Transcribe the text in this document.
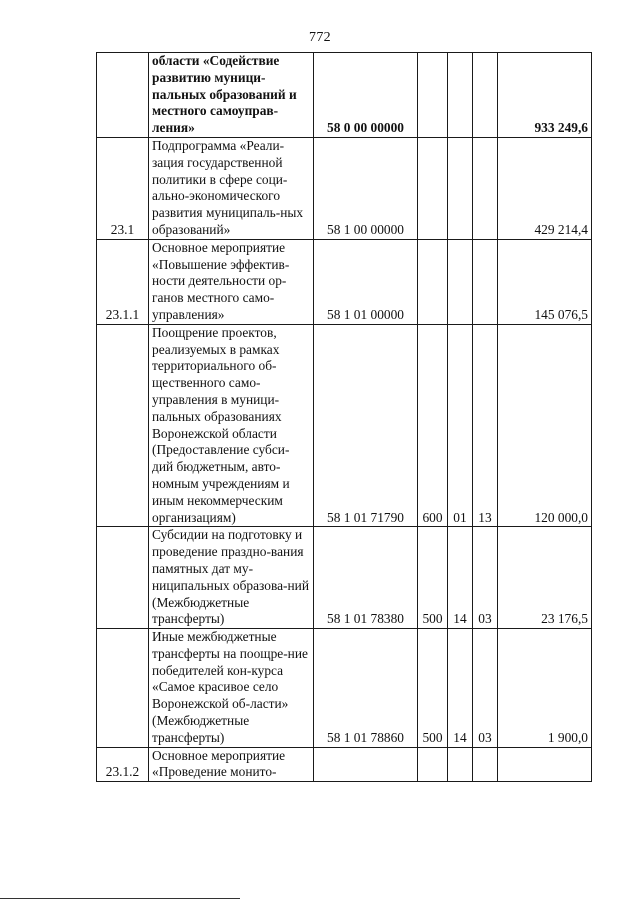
772
	области «Содействие развитию муници-пальных образований и местного самоуправ-ления»	58 0 00 00000				933 249,6
23.1	Подпрограмма «Реали-зация государственной политики в сфере соци-ально-экономического развития муниципаль-ных образований»	58 1 00 00000				429 214,4
23.1.1	Основное мероприятие «Повышение эффектив-ности деятельности ор-ганов местного само-управления»	58 1 01 00000				145 076,5
	Поощрение проектов, реализуемых в рамках территориального об-щественного само-управления в муници-пальных образованиях Воронежской области (Предоставление субси-дий бюджетным, авто-номным учреждениям и иным некоммерческим организациям)	58 1 01 71790	600	01	13	120 000,0
	Субсидии на подготовку и проведение праздно-вания памятных дат му-ниципальных образова-ний (Межбюджетные трансферты)	58 1 01 78380	500	14	03	23 176,5
	Иные межбюджетные трансферты на поощре-ние победителей кон-курса «Самое красивое село Воронежской об-ласти» (Межбюджетные трансферты)	58 1 01 78860	500	14	03	1 900,0
23.1.2	Основное мероприятие «Проведение монито-					
